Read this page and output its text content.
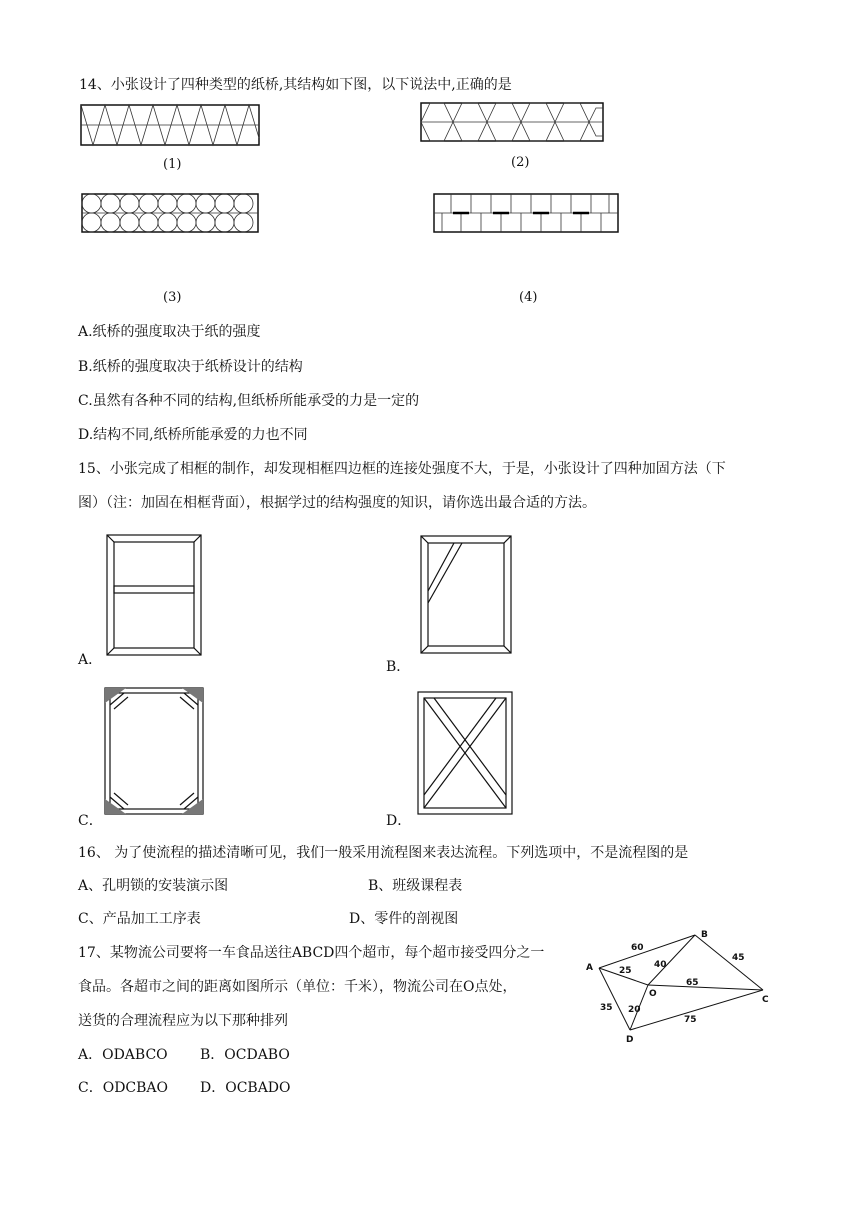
14、小张设计了四种类型的纸桥,其结构如下图，以下说法中,正确的是
(1)	(2)
(3)	(4)
A.纸桥的强度取决于纸的强度
B.纸桥的强度取决于纸桥设计的结构
C.虽然有各种不同的结构,但纸桥所能承受的力是一定的
D.结构不同,纸桥所能承爱的力也不同
15、小张完成了相框的制作，却发现相框四边框的连接处强度不大，于是，小张设计了四种加固方法（下
图）（注：加固在相框背面），根据学过的结构强度的知识，请你选出最合适的方法。
A．	B．
C．	D．
16、 为了使流程的描述清晰可见，我们一般采用流程图来表达流程。下列选项中，不是流程图的是
A、孔明锁的安装演示图	B、班级课程表
C、产品加工工序表	D、零件的剖视图
17、某物流公司要将一车食品送往ABCD四个超市，每个超市接受四分之一
食品。各超市之间的距离如图所示（单位：千米），物流公司在O点处，
送货的合理流程应为以下那种排列
A．ODABCO B．OCDABO
C．ODCBAO D．OCBADO
A
B
C
D
O
60
25
35
40
65
20
45
75
